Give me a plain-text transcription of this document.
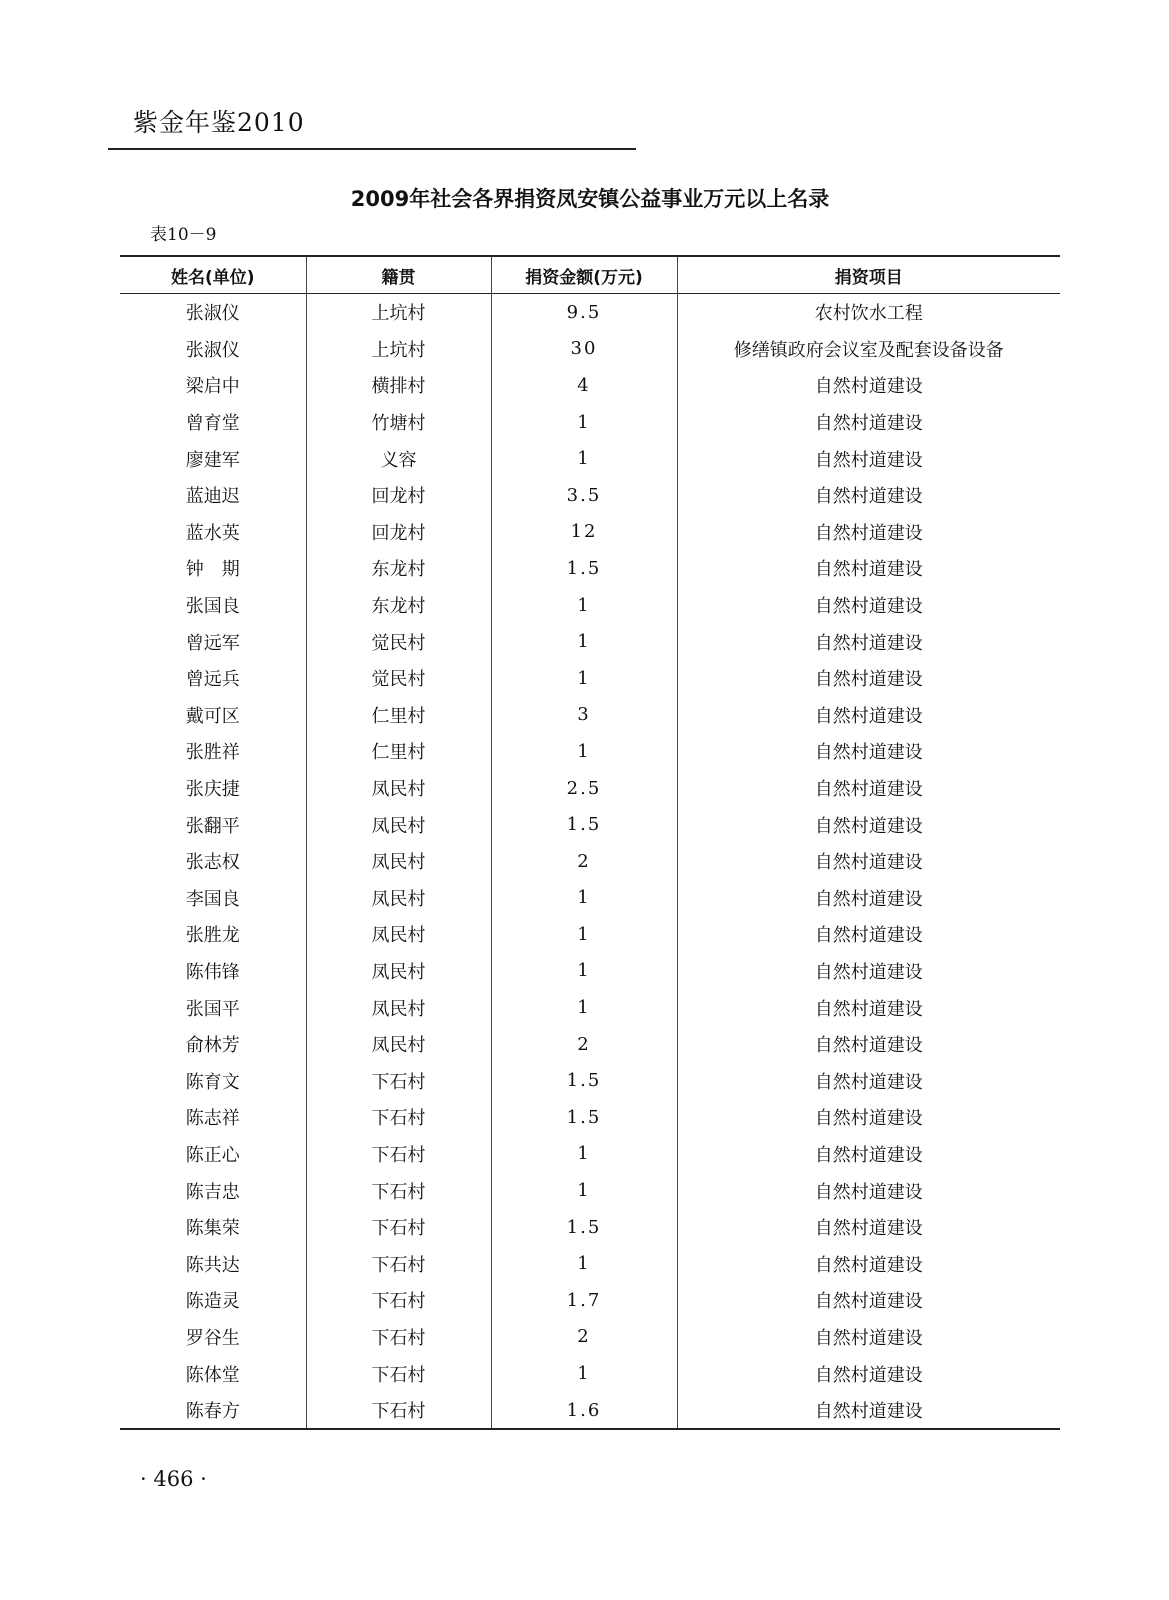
紫金年鉴2010
2009年社会各界捐资凤安镇公益事业万元以上名录
表10－9
姓名(单位)	籍贯	捐资金额(万元)	捐资项目
张淑仪	上坑村	9.5	农村饮水工程
张淑仪	上坑村	30	修缮镇政府会议室及配套设备设备
梁启中	横排村	4	自然村道建设
曾育堂	竹塘村	1	自然村道建设
廖建军	义容	1	自然村道建设
蓝迪迟	回龙村	3.5	自然村道建设
蓝水英	回龙村	12	自然村道建设
钟　期	东龙村	1.5	自然村道建设
张国良	东龙村	1	自然村道建设
曾远军	觉民村	1	自然村道建设
曾远兵	觉民村	1	自然村道建设
戴可区	仁里村	3	自然村道建设
张胜祥	仁里村	1	自然村道建设
张庆捷	凤民村	2.5	自然村道建设
张翻平	凤民村	1.5	自然村道建设
张志权	凤民村	2	自然村道建设
李国良	凤民村	1	自然村道建设
张胜龙	凤民村	1	自然村道建设
陈伟锋	凤民村	1	自然村道建设
张国平	凤民村	1	自然村道建设
俞林芳	凤民村	2	自然村道建设
陈育文	下石村	1.5	自然村道建设
陈志祥	下石村	1.5	自然村道建设
陈正心	下石村	1	自然村道建设
陈吉忠	下石村	1	自然村道建设
陈集荣	下石村	1.5	自然村道建设
陈共达	下石村	1	自然村道建设
陈造灵	下石村	1.7	自然村道建设
罗谷生	下石村	2	自然村道建设
陈体堂	下石村	1	自然村道建设
陈春方	下石村	1.6	自然村道建设
· 466 ·
